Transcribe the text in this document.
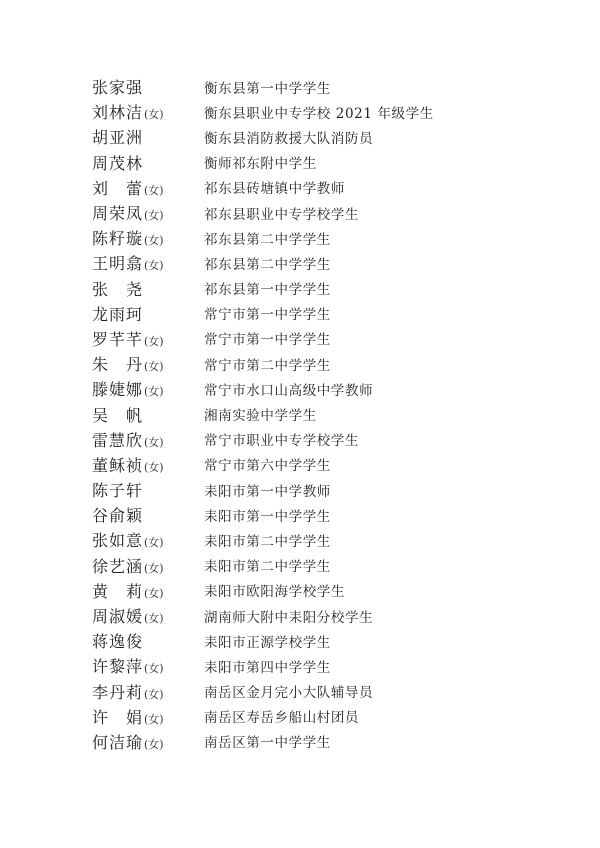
张家强	衡东县第一中学学生
刘林洁 (女)	衡东县职业中专学校 2021 年级学生
胡亚洲	衡东县消防救援大队消防员
周茂林	衡师祁东附中学生
刘　蕾 (女)	祁东县砖塘镇中学教师
周荣凤 (女)	祁东县职业中专学校学生
陈籽璇 (女)	祁东县第二中学学生
王明翕 (女)	祁东县第二中学学生
张　尧	祁东县第一中学学生
龙雨珂	常宁市第一中学学生
罗芊芊 (女)	常宁市第一中学学生
朱　丹 (女)	常宁市第二中学学生
滕婕娜 (女)	常宁市水口山高级中学教师
吴　帆	湘南实验中学学生
雷慧欣 (女)	常宁市职业中专学校学生
董稣祯 (女)	常宁市第六中学学生
陈子轩	耒阳市第一中学教师
谷俞颖	耒阳市第一中学学生
张如意 (女)	耒阳市第二中学学生
徐艺涵 (女)	耒阳市第二中学学生
黄　莉 (女)	耒阳市欧阳海学校学生
周淑媛 (女)	湖南师大附中耒阳分校学生
蒋逸俊	耒阳市正源学校学生
许黎萍 (女)	耒阳市第四中学学生
李丹莉 (女)	南岳区金月完小大队辅导员
许　娟 (女)	南岳区寿岳乡船山村团员
何洁瑜 (女)	南岳区第一中学学生
